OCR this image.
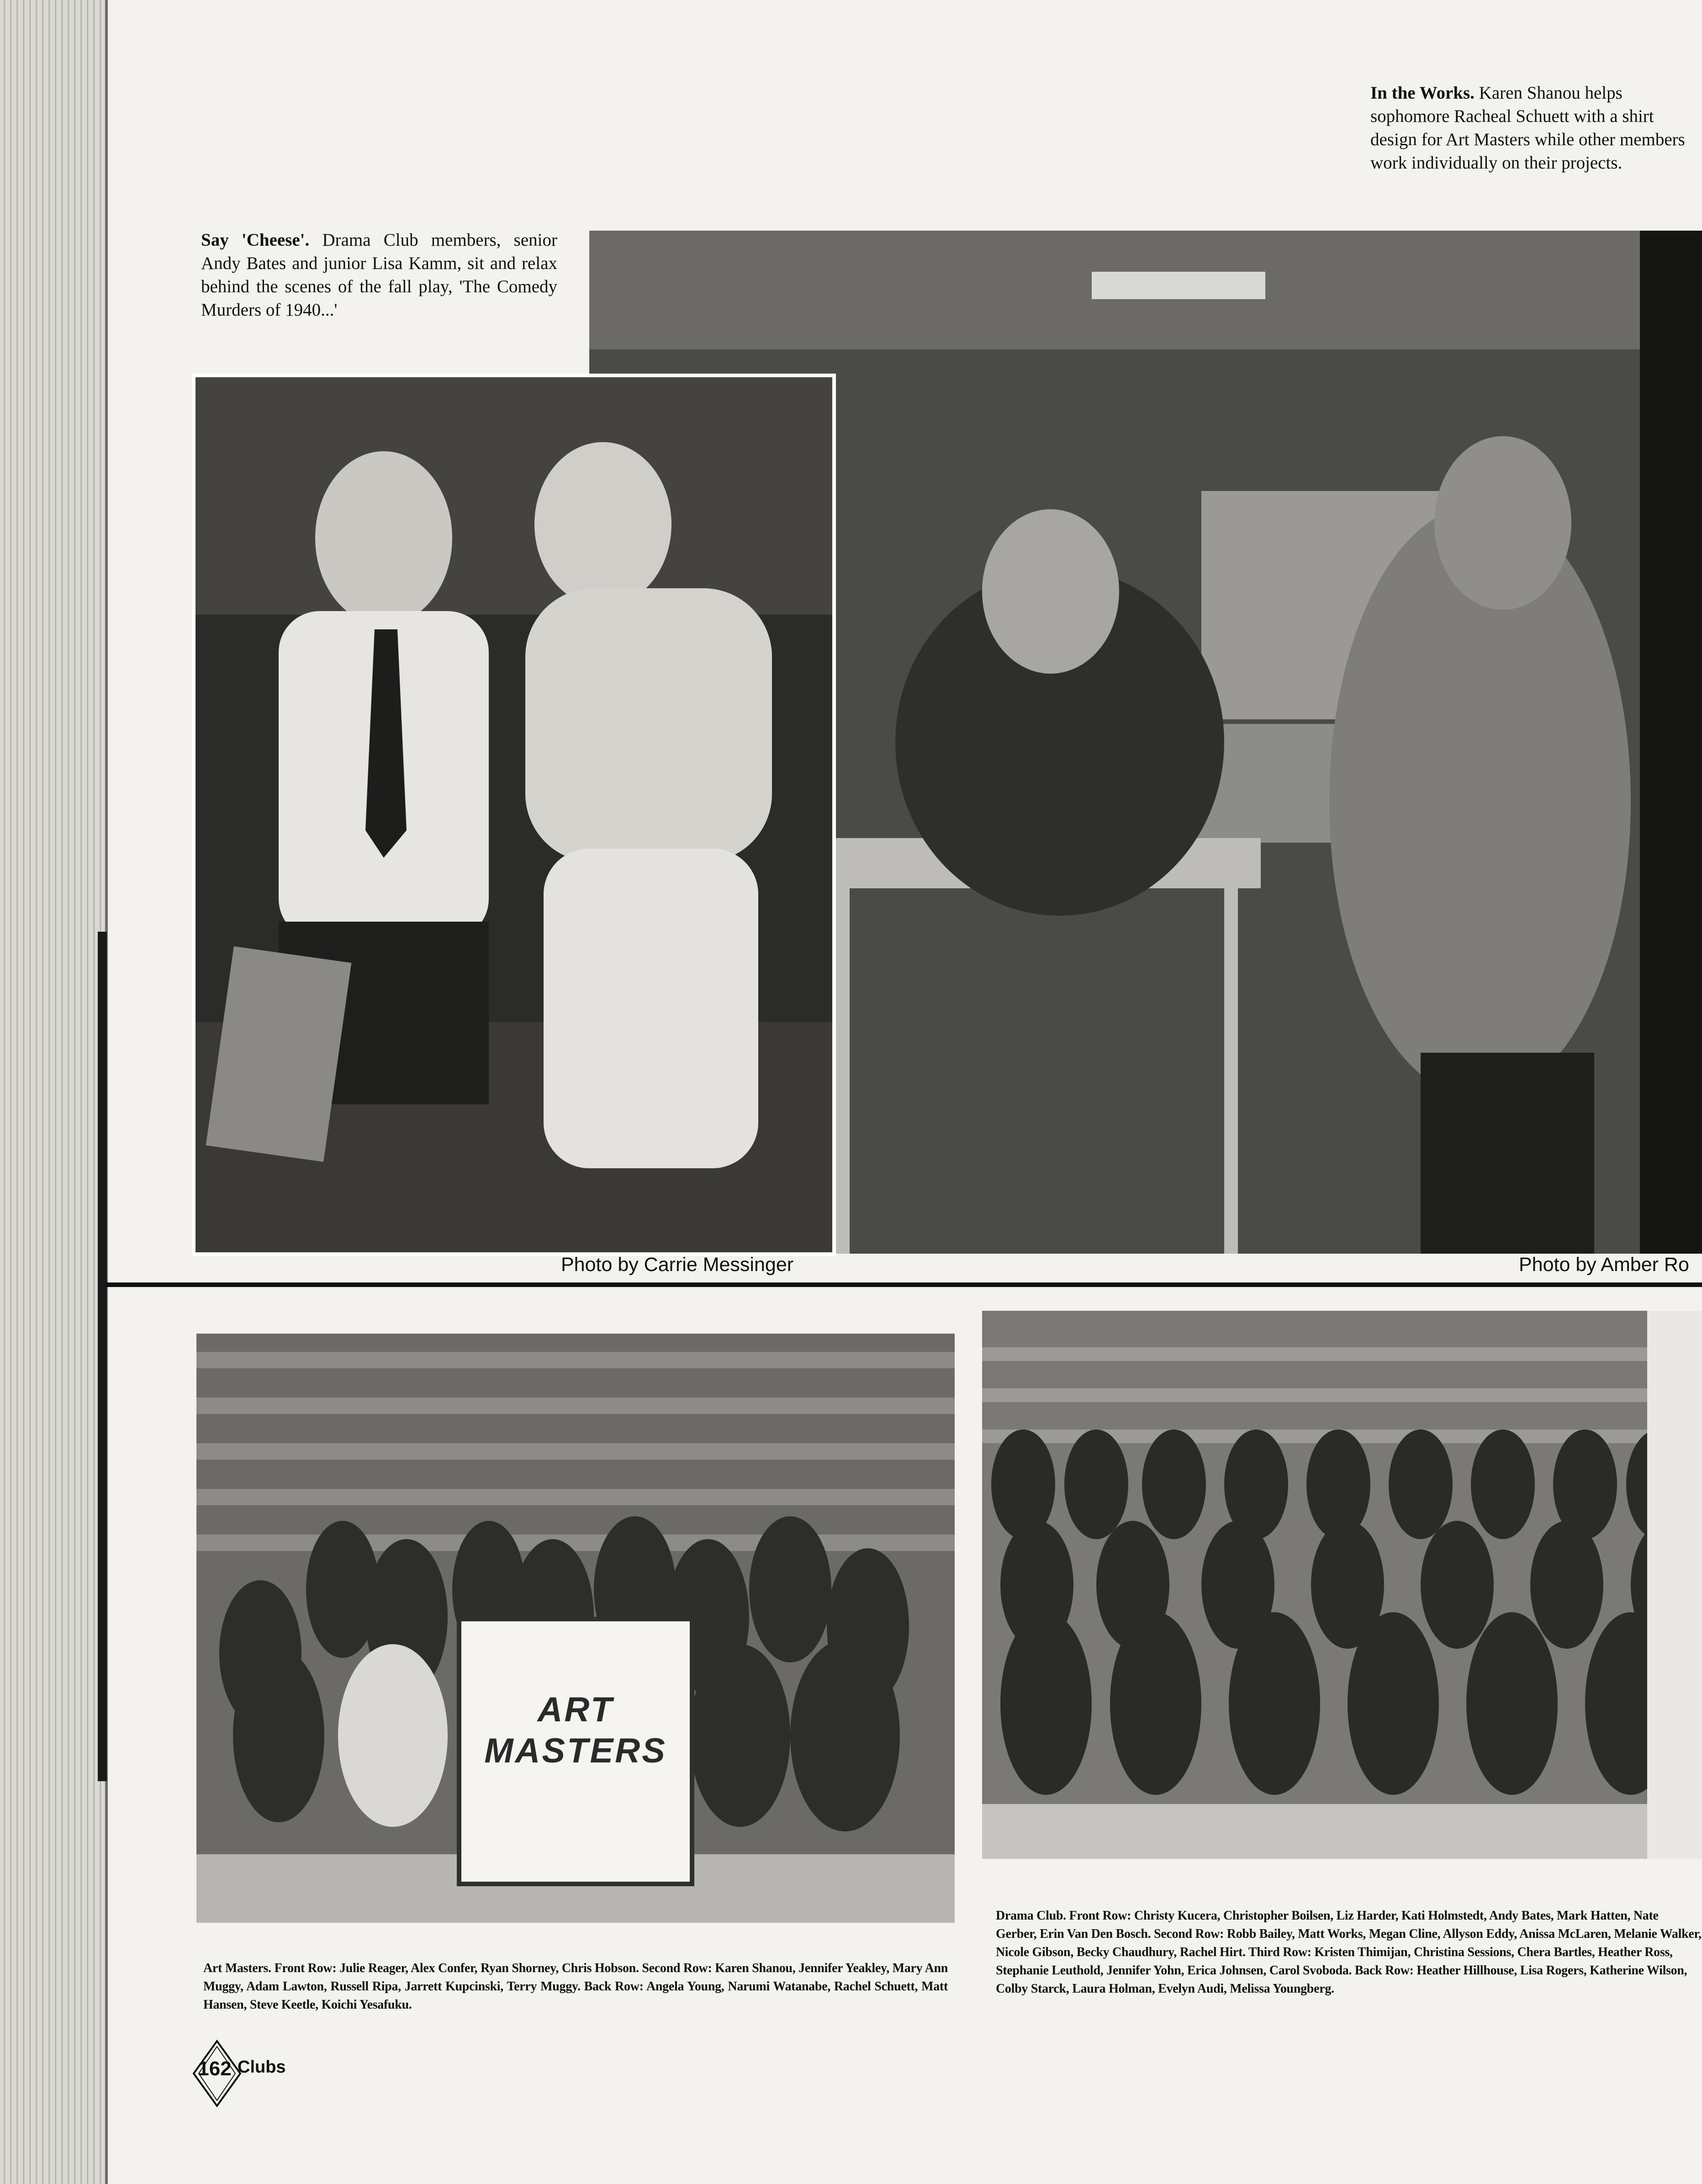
In the Works. Karen Shanou helps sophomore Racheal Schuett with a shirt design for Art Masters while other members work individually on their projects.
Say 'Cheese'. Drama Club members, senior Andy Bates and junior Lisa Kamm, sit and relax behind the scenes of the fall play, 'The Comedy Murders of 1940...'
Photo by Carrie Messinger	Photo by Amber Ro
ART
MASTERS
Art Masters. Front Row: Julie Reager, Alex Confer, Ryan Shorney, Chris Hobson. Second Row: Karen Shanou, Jennifer Yeakley, Mary Ann Muggy, Adam Lawton, Russell Ripa, Jarrett Kupcinski, Terry Muggy. Back Row: Angela Young, Narumi Watanabe, Rachel Schuett, Matt Hansen, Steve Keetle, Koichi Yesafuku.
Drama Club. Front Row: Christy Kucera, Christopher Boilsen, Liz Harder, Kati Holmstedt, Andy Bates, Mark Hatten, Nate Gerber, Erin Van Den Bosch. Second Row: Robb Bailey, Matt Works, Megan Cline, Allyson Eddy, Anissa McLaren, Melanie Walker, Nicole Gibson, Becky Chaudhury, Rachel Hirt. Third Row: Kristen Thimijan, Christina Sessions, Chera Bartles, Heather Ross, Stephanie Leuthold, Jennifer Yohn, Erica Johnsen, Carol Svoboda. Back Row: Heather Hillhouse, Lisa Rogers, Katherine Wilson, Colby Starck, Laura Holman, Evelyn Audi, Melissa Youngberg.
162 Clubs
